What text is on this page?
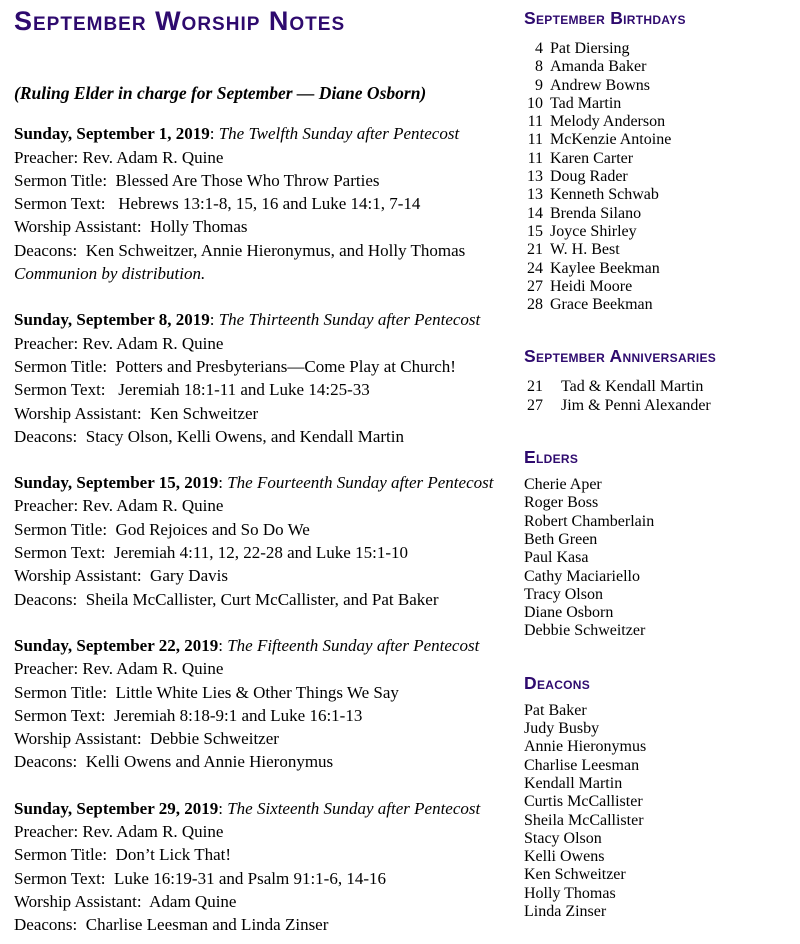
September Worship Notes

(Ruling Elder in charge for September — Diane Osborn)

Sunday, September 1, 2019: The Twelfth Sunday after Pentecost

Preacher: Rev. Adam R. Quine

Sermon Title:  Blessed Are Those Who Throw Parties

Sermon Text:   Hebrews 13:1-8, 15, 16 and Luke 14:1, 7-14

Worship Assistant:  Holly Thomas

Deacons:  Ken Schweitzer, Annie Hieronymus, and Holly Thomas

Communion by distribution.

Sunday, September 8, 2019: The Thirteenth Sunday after Pentecost

Preacher: Rev. Adam R. Quine

Sermon Title:  Potters and Presbyterians—Come Play at Church!

Sermon Text:   Jeremiah 18:1-11 and Luke 14:25-33

Worship Assistant:  Ken Schweitzer

Deacons:  Stacy Olson, Kelli Owens, and Kendall Martin

Sunday, September 15, 2019: The Fourteenth Sunday after Pentecost

Preacher: Rev. Adam R. Quine

Sermon Title:  God Rejoices and So Do We

Sermon Text:  Jeremiah 4:11, 12, 22-28 and Luke 15:1-10

Worship Assistant:  Gary Davis

Deacons:  Sheila McCallister, Curt McCallister, and Pat Baker

Sunday, September 22, 2019: The Fifteenth Sunday after Pentecost

Preacher: Rev. Adam R. Quine

Sermon Title:  Little White Lies & Other Things We Say

Sermon Text:  Jeremiah 8:18-9:1 and Luke 16:1-13

Worship Assistant:  Debbie Schweitzer

Deacons:  Kelli Owens and Annie Hieronymus

Sunday, September 29, 2019: The Sixteenth Sunday after Pentecost

Preacher: Rev. Adam R. Quine

Sermon Title:  Don’t Lick That!

Sermon Text:  Luke 16:19-31 and Psalm 91:1-6, 14-16

Worship Assistant:  Adam Quine

Deacons:  Charlise Leesman and Linda Zinser

September Birthdays
4 Pat Diersing
8 Amanda Baker
9 Andrew Bowns
10 Tad Martin
11 Melody Anderson
11 McKenzie Antoine
11 Karen Carter
13 Doug Rader
13 Kenneth Schwab
14 Brenda Silano
15 Joyce Shirley
21 W. H. Best
24 Kaylee Beekman
27 Heidi Moore
28 Grace Beekman
September Anniversaries
21 Tad & Kendall Martin
27 Jim & Penni Alexander
Elders
Cherie Aper
Roger Boss
Robert Chamberlain
Beth Green
Paul Kasa
Cathy Maciariello
Tracy Olson
Diane Osborn
Debbie Schweitzer
Deacons
Pat Baker
Judy Busby
Annie Hieronymus
Charlise Leesman
Kendall Martin
Curtis McCallister
Sheila McCallister
Stacy Olson
Kelli Owens
Ken Schweitzer
Holly Thomas
Linda Zinser
